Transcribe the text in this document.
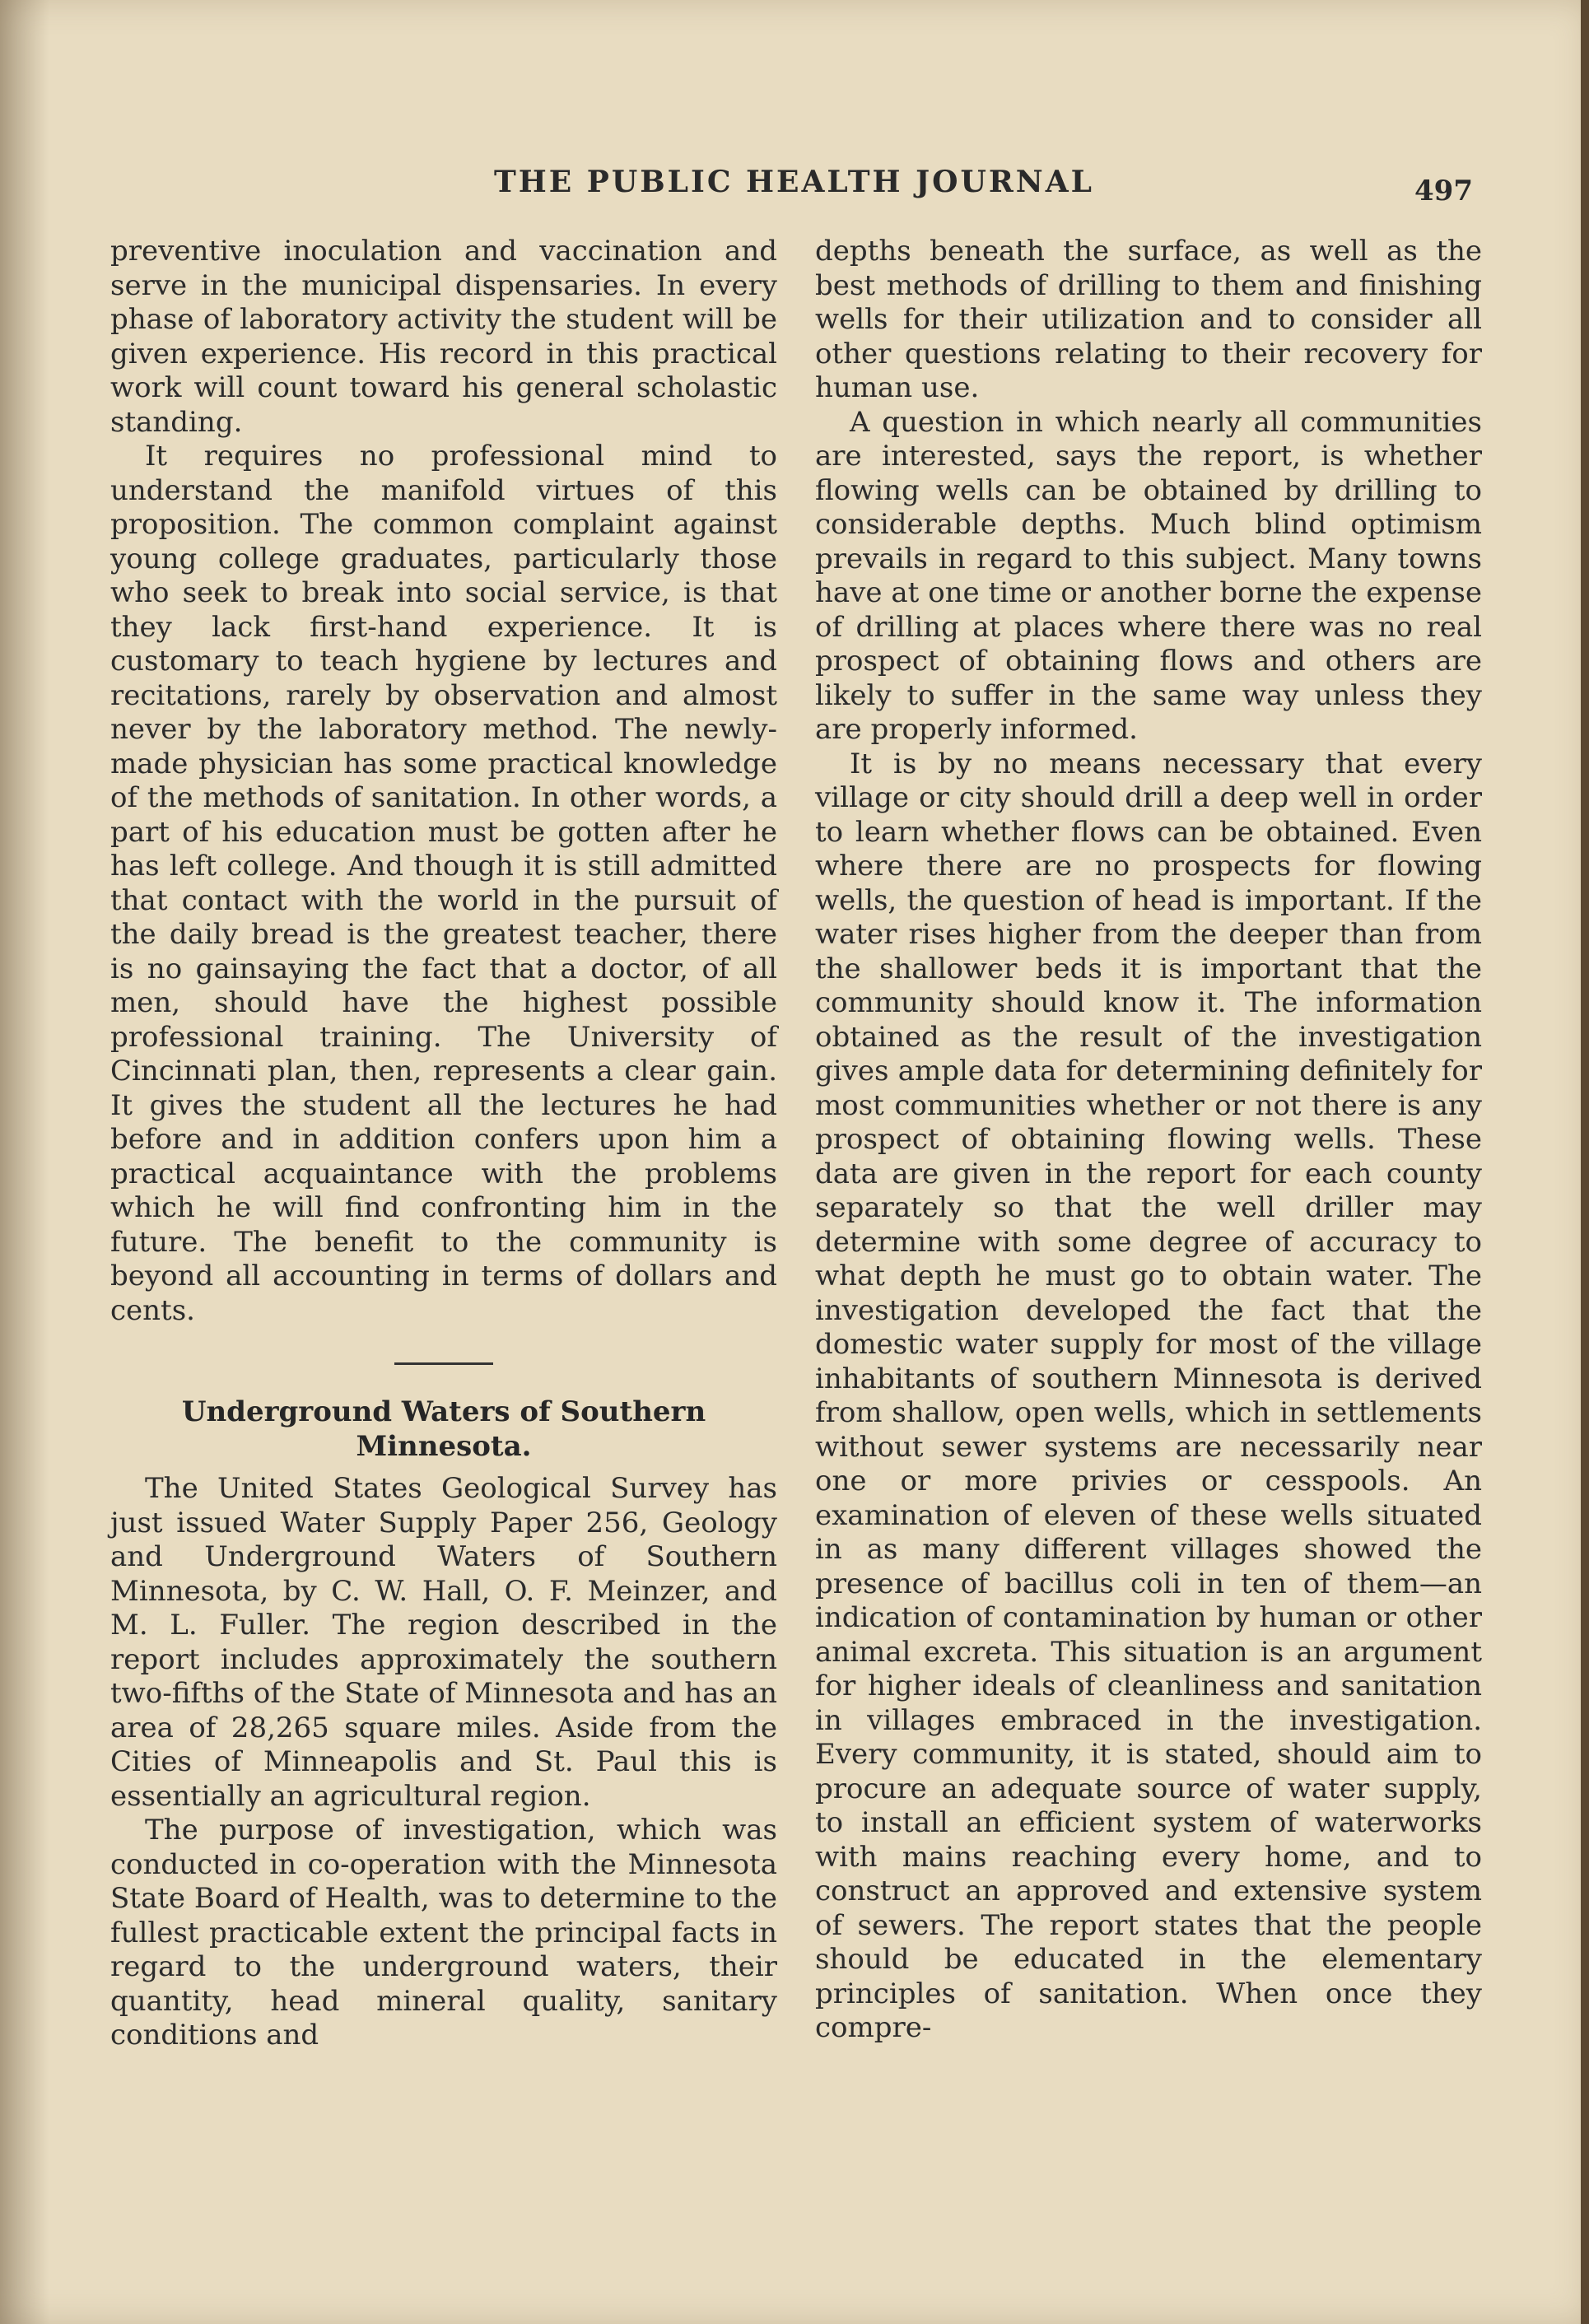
THE PUBLIC HEALTH JOURNAL	497

preventive inoculation and vaccination and serve in the municipal dispensaries. In every phase of laboratory activity the student will be given experience. His record in this practical work will count toward his general scholastic standing.

It requires no professional mind to understand the manifold virtues of this proposition. The common complaint against young college graduates, particularly those who seek to break into social service, is that they lack first-hand experience. It is customary to teach hygiene by lectures and recitations, rarely by observation and almost never by the laboratory method. The newly-made physician has some practical knowledge of the methods of sanitation. In other words, a part of his education must be gotten after he has left college. And though it is still admitted that contact with the world in the pursuit of the daily bread is the greatest teacher, there is no gainsaying the fact that a doctor, of all men, should have the highest possible professional training. The University of Cincinnati plan, then, represents a clear gain. It gives the student all the lectures he had before and in addition confers upon him a practical acquaintance with the problems which he will find confronting him in the future. The benefit to the community is beyond all accounting in terms of dollars and cents.

Underground Waters of Southern Minnesota.

The United States Geological Survey has just issued Water Supply Paper 256, Geology and Underground Waters of Southern Minnesota, by C. W. Hall, O. F. Meinzer, and M. L. Fuller. The region described in the report includes approximately the southern two-fifths of the State of Minnesota and has an area of 28,265 square miles. Aside from the Cities of Minneapolis and St. Paul this is essentially an agricultural region.

The purpose of investigation, which was conducted in co-operation with the Minnesota State Board of Health, was to determine to the fullest practicable extent the principal facts in regard to the underground waters, their quantity, head mineral quality, sanitary conditions and

depths beneath the surface, as well as the best methods of drilling to them and finishing wells for their utilization and to consider all other questions relating to their recovery for human use.

A question in which nearly all communities are interested, says the report, is whether flowing wells can be obtained by drilling to considerable depths. Much blind optimism prevails in regard to this subject. Many towns have at one time or another borne the expense of drilling at places where there was no real prospect of obtaining flows and others are likely to suffer in the same way unless they are properly informed.

It is by no means necessary that every village or city should drill a deep well in order to learn whether flows can be obtained. Even where there are no prospects for flowing wells, the question of head is important. If the water rises higher from the deeper than from the shallower beds it is important that the community should know it. The information obtained as the result of the investigation gives ample data for determining definitely for most communities whether or not there is any prospect of obtaining flowing wells. These data are given in the report for each county separately so that the well driller may determine with some degree of accuracy to what depth he must go to obtain water. The investigation developed the fact that the domestic water supply for most of the village inhabitants of southern Minnesota is derived from shallow, open wells, which in settlements without sewer systems are necessarily near one or more privies or cesspools. An examination of eleven of these wells situated in as many different villages showed the presence of bacillus coli in ten of them—an indication of contamination by human or other animal excreta. This situation is an argument for higher ideals of cleanliness and sanitation in villages embraced in the investigation. Every community, it is stated, should aim to procure an adequate source of water supply, to install an efficient system of waterworks with mains reaching every home, and to construct an approved and extensive system of sewers. The report states that the people should be educated in the elementary principles of sanitation. When once they compre-
